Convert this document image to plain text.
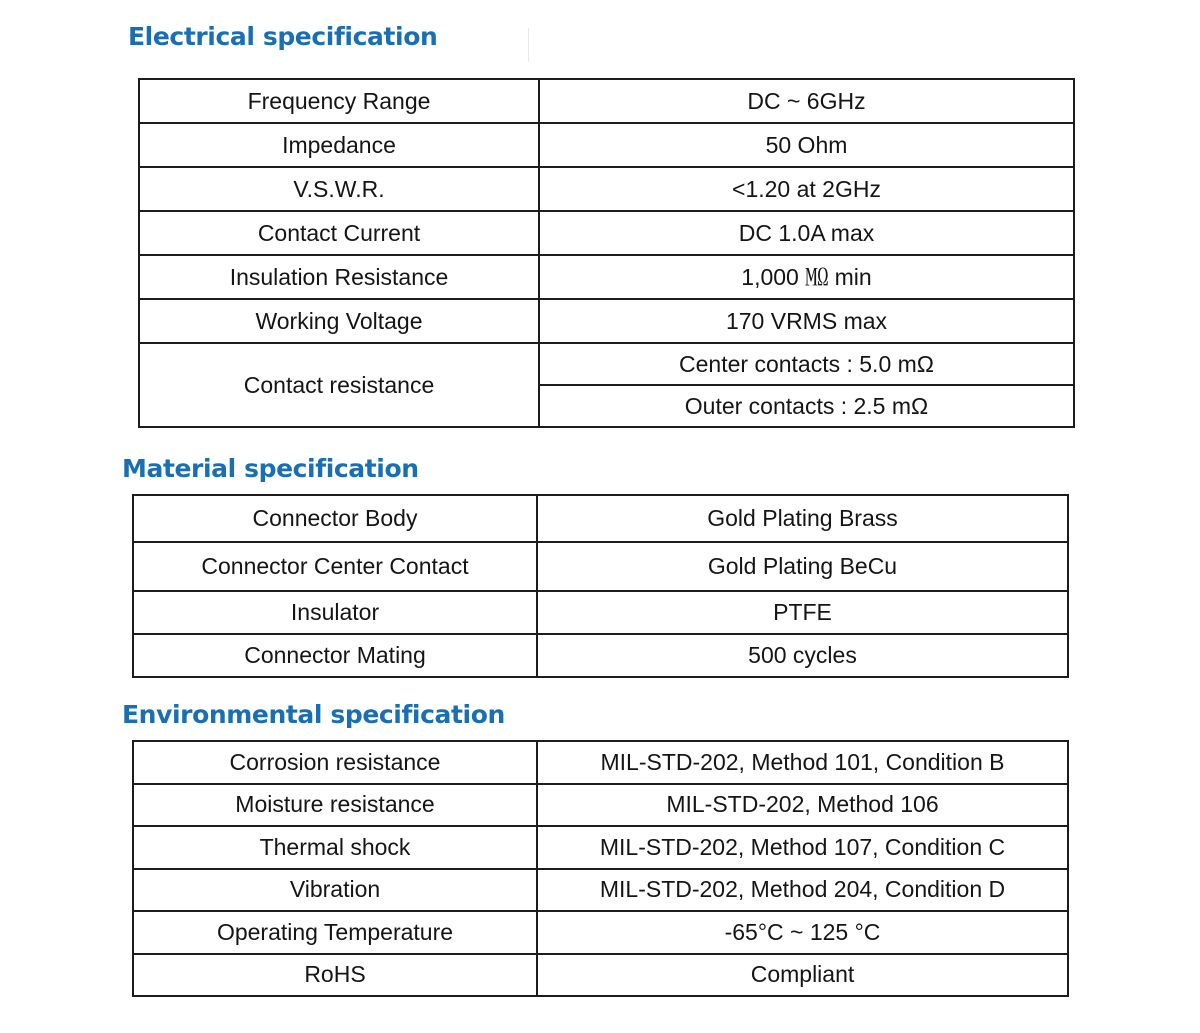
Electrical specification
Frequency Range	DC ~ 6GHz
Impedance	50 Ohm
V.S.W.R.	<1.20 at 2GHz
Contact Current	DC 1.0A max
Insulation Resistance	1,000 ㏁ min
Working Voltage	170 VRMS max
Contact resistance	Center contacts : 5.0 mΩ
	Outer contacts : 2.5 mΩ
Material specification
Connector Body	Gold Plating Brass
Connector Center Contact	Gold Plating BeCu
Insulator	PTFE
Connector Mating	500 cycles
Environmental specification
Corrosion resistance	MIL-STD-202, Method 101, Condition B
Moisture resistance	MIL-STD-202, Method 106
Thermal shock	MIL-STD-202, Method 107, Condition C
Vibration	MIL-STD-202, Method 204, Condition D
Operating Temperature	-65°C ~ 125 °C
RoHS	Compliant
